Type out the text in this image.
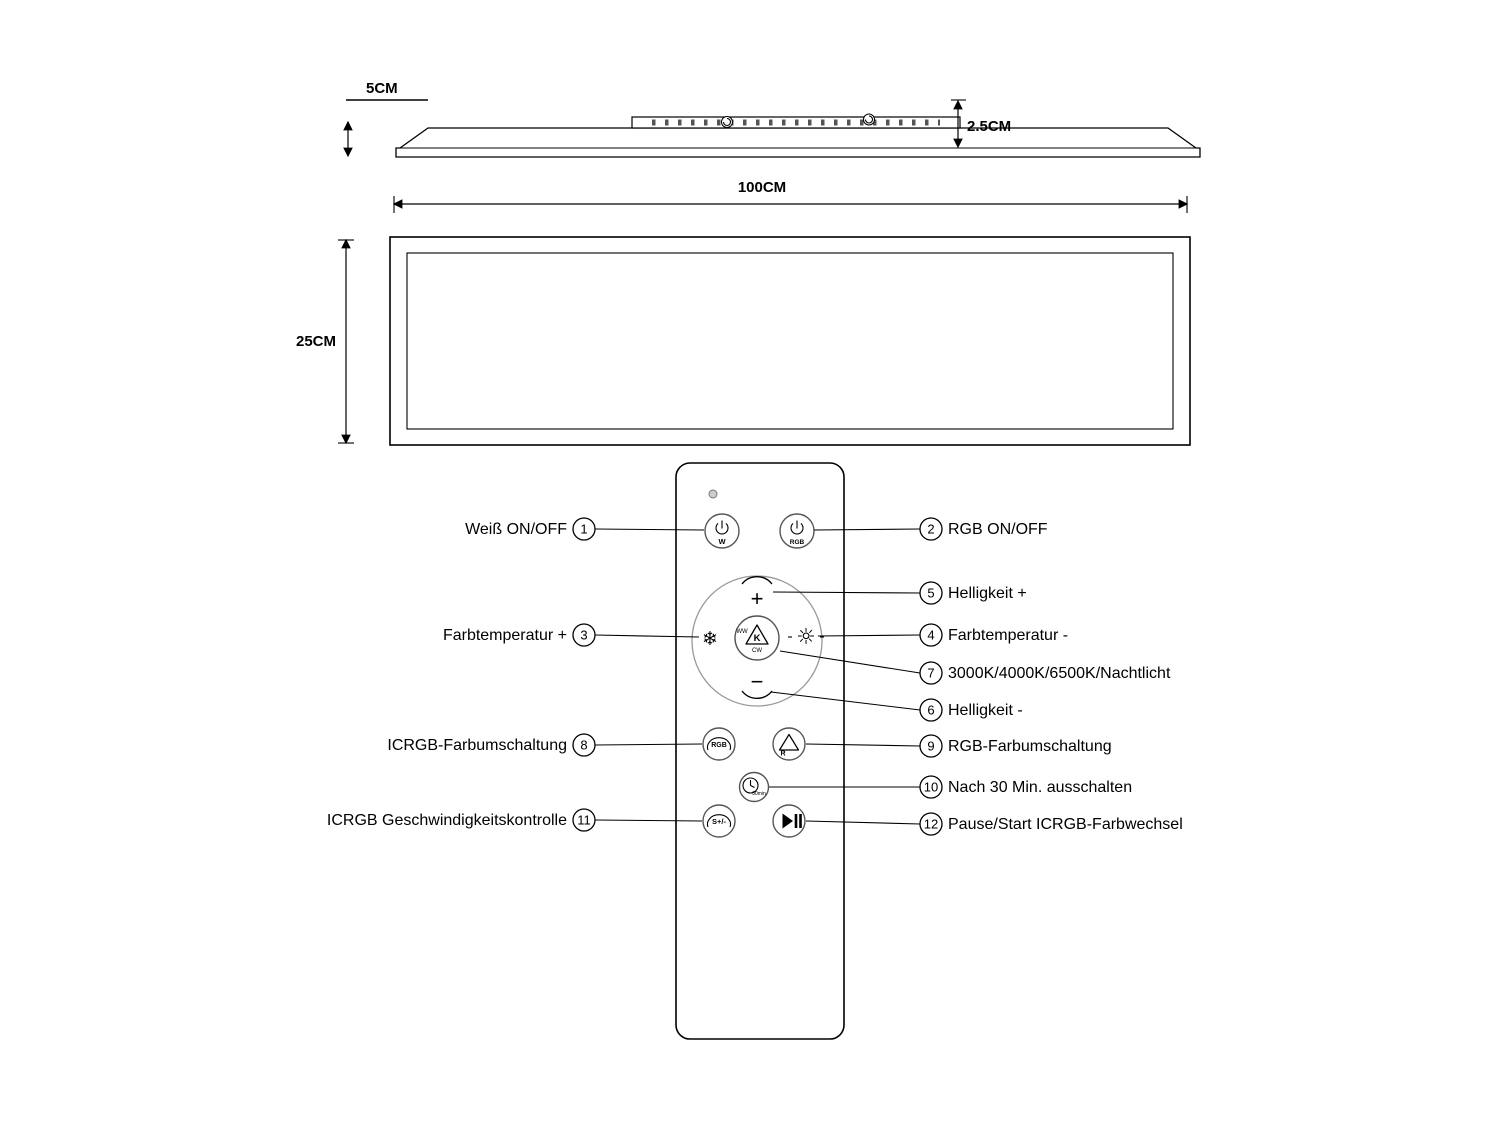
5CM
2.5CM
100CM
25CM
W	RGB
+
−
❄	☼
K
WW
CW
RGB
R
30min
S+/-
Weiß ON/OFF 1	2 RGB ON/OFF
5 Helligkeit +
Farbtemperatur + 3	4 Farbtemperatur -
7 3000K/4000K/6500K/Nachtlicht
6 Helligkeit -
ICRGB-Farbumschaltung 8	9 RGB-Farbumschaltung
10 Nach 30 Min. ausschalten
ICRGB Geschwindigkeitskontrolle 11	12 Pause/Start ICRGB-Farbwechsel
